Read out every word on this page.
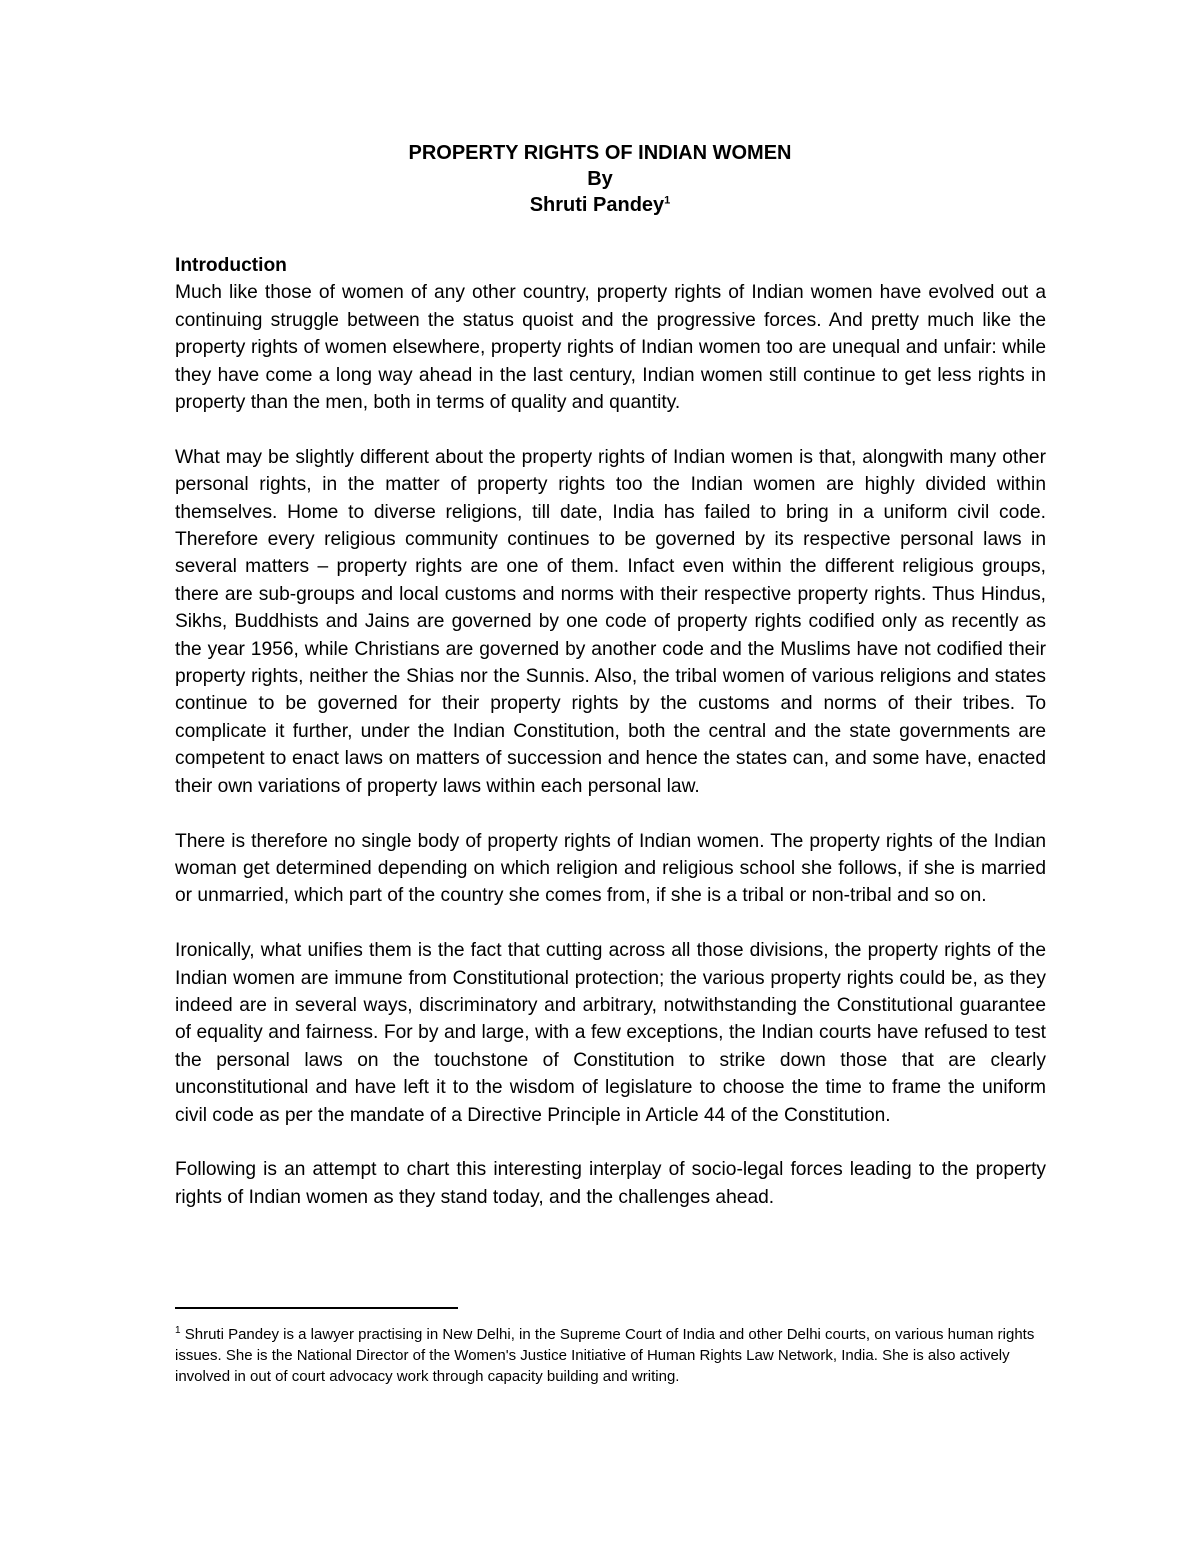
PROPERTY RIGHTS OF INDIAN WOMEN
By
Shruti Pandey$^1$
Introduction

Much like those of women of any other country, property rights of Indian women have evolved out a continuing struggle between the status quoist and the progressive forces. And pretty much like the property rights of women elsewhere, property rights of Indian women too are unequal and unfair: while they have come a long way ahead in the last century, Indian women still continue to get less rights in property than the men, both in terms of quality and quantity.

What may be slightly different about the property rights of Indian women is that, alongwith many other personal rights, in the matter of property rights too the Indian women are highly divided within themselves. Home to diverse religions, till date, India has failed to bring in a uniform civil code. Therefore every religious community continues to be governed by its respective personal laws in several matters – property rights are one of them. Infact even within the different religious groups, there are sub-groups and local customs and norms with their respective property rights. Thus Hindus, Sikhs, Buddhists and Jains are governed by one code of property rights codified only as recently as the year 1956, while Christians are governed by another code and the Muslims have not codified their property rights, neither the Shias nor the Sunnis. Also, the tribal women of various religions and states continue to be governed for their property rights by the customs and norms of their tribes. To complicate it further, under the Indian Constitution, both the central and the state governments are competent to enact laws on matters of succession and hence the states can, and some have, enacted their own variations of property laws within each personal law.

There is therefore no single body of property rights of Indian women. The property rights of the Indian woman get determined depending on which religion and religious school she follows, if she is married or unmarried, which part of the country she comes from, if she is a tribal or non-tribal and so on.

Ironically, what unifies them is the fact that cutting across all those divisions, the property rights of the Indian women are immune from Constitutional protection; the various property rights could be, as they indeed are in several ways, discriminatory and arbitrary, notwithstanding the Constitutional guarantee of equality and fairness. For by and large, with a few exceptions, the Indian courts have refused to test the personal laws on the touchstone of Constitution to strike down those that are clearly unconstitutional and have left it to the wisdom of legislature to choose the time to frame the uniform civil code as per the mandate of a Directive Principle in Article 44 of the Constitution.

Following is an attempt to chart this interesting interplay of socio-legal forces leading to the property rights of Indian women as they stand today, and the challenges ahead.

$^1$ Shruti Pandey is a lawyer practising in New Delhi, in the Supreme Court of India and other Delhi courts, on various human rights issues. She is the National Director of the Women's Justice Initiative of Human Rights Law Network, India. She is also actively involved in out of court advocacy work through capacity building and writing.
